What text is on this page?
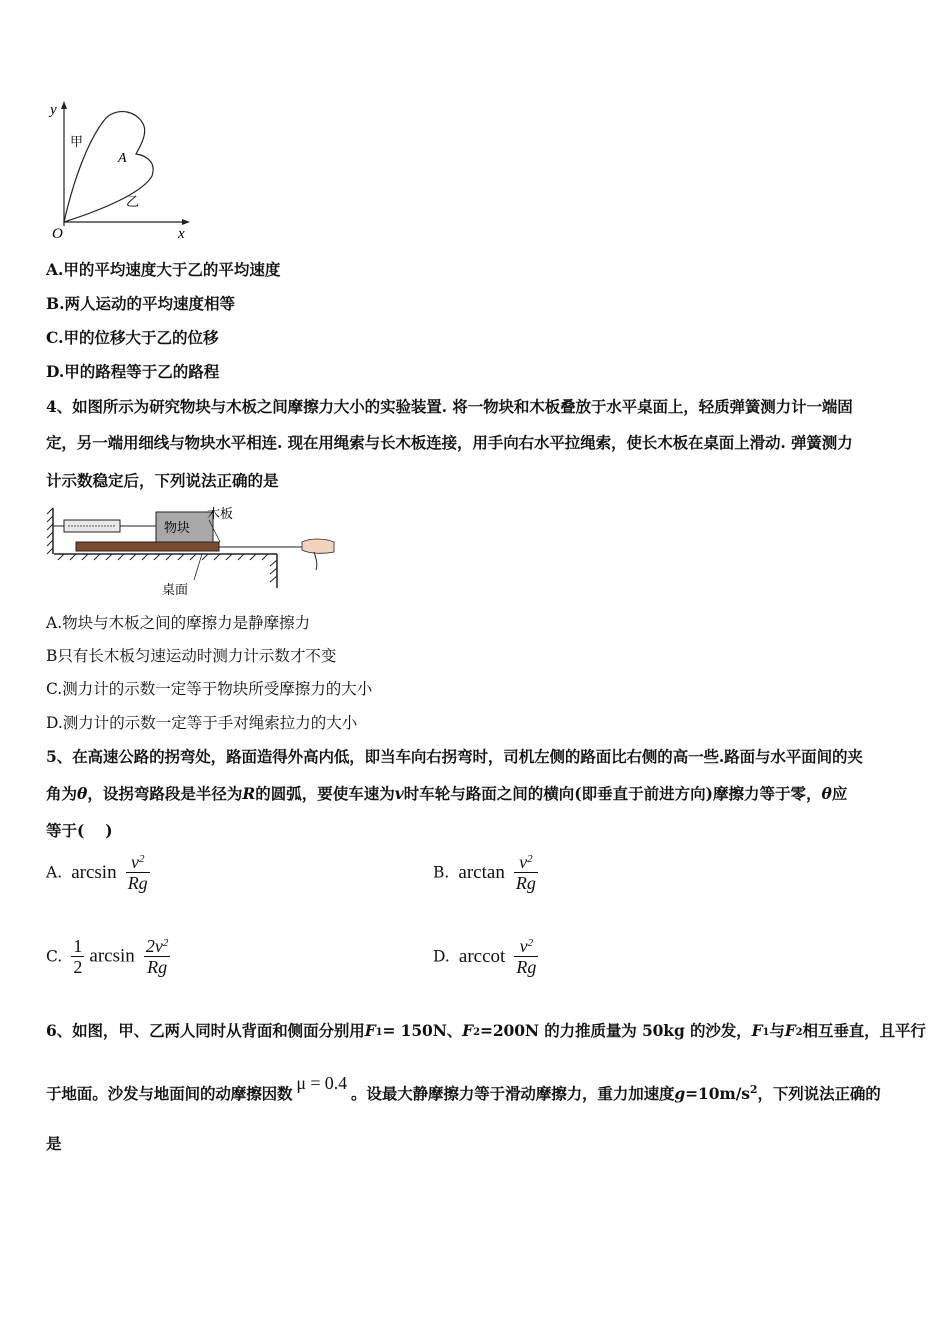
y
x
O
甲
乙
A
A.甲的平均速度大于乙的平均速度
B.两人运动的平均速度相等
C.甲的位移大于乙的位移
D.甲的路程等于乙的路程
4、如图所示为研究物块与木板之间摩擦力大小的实验装置. 将一物块和木板叠放于水平桌面上，轻质弹簧测力计一端固
定，另一端用细线与物块水平相连. 现在用绳索与长木板连接，用手向右水平拉绳索，使长木板在桌面上滑动. 弹簧测力
计示数稳定后，下列说法正确的是
物块
木板
桌面
A.物块与木板之间的摩擦力是静摩擦力
B只有长木板匀速运动时测力计示数才不变
C.测力计的示数一定等于物块所受摩擦力的大小
D.测力计的示数一定等于手对绳索拉力的大小
5、在高速公路的拐弯处，路面造得外高内低，即当车向右拐弯时，司机左侧的路面比右侧的高一些.路面与水平面间的夹
角为θ，设拐弯路段是半径为R的圆弧，要使车速为v时车轮与路面之间的横向(即垂直于前进方向)摩擦力等于零，θ应
等于(　 )
A. $\arcsin \frac{v^2}{Rg}$	B. $\arctan \frac{v^2}{Rg}$
C. $\frac{1}{2}$ $\arcsin \frac{2v^2}{Rg}$	D. arccot $\frac{v^2}{Rg}$
6、如图，甲、乙两人同时从背面和侧面分别用F1= 150N、F2=200N 的力推质量为 50kg 的沙发，F1与F2相互垂直，且平行
于地面。沙发与地面间的动摩擦因数μ = 0.4。设最大静摩擦力等于滑动摩擦力，重力加速度$g=10m/s^2$，下列说法正确的
是
